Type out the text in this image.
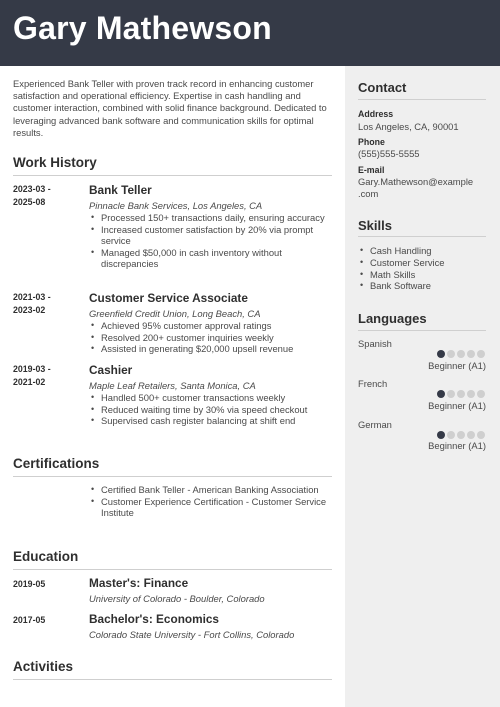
Gary Mathewson
Experienced Bank Teller with proven track record in enhancing customer satisfaction and operational efficiency. Expertise in cash handling and customer interaction, combined with solid finance background. Dedicated to leveraging advanced bank software and communication skills for optimal results.
Work History
2023-03 -
2025-08
Bank Teller
Pinnacle Bank Services, Los Angeles, CA
• Processed 150+ transactions daily, ensuring accuracy
• Increased customer satisfaction by 20% via prompt service
• Managed $50,000 in cash inventory without discrepancies
2021-03 -
2023-02
Customer Service Associate
Greenfield Credit Union, Long Beach, CA
• Achieved 95% customer approval ratings
• Resolved 200+ customer inquiries weekly
• Assisted in generating $20,000 upsell revenue
2019-03 -
2021-02
Cashier
Maple Leaf Retailers, Santa Monica, CA
• Handled 500+ customer transactions weekly
• Reduced waiting time by 30% via speed checkout
• Supervised cash register balancing at shift end
Certifications
• Certified Bank Teller - American Banking Association
• Customer Experience Certification - Customer Service Institute
Education
2019-05	Master's: Finance
University of Colorado - Boulder, Colorado
2017-05	Bachelor's: Economics
Colorado State University - Fort Collins, Colorado
Activities
Contact
Address
Los Angeles, CA, 90001
Phone
(555)555-5555
E-mail
Gary.Mathewson@example
.com
Skills
• Cash Handling
• Customer Service
• Math Skills
• Bank Software
Languages
Spanish
Beginner (A1)
French
Beginner (A1)
German
Beginner (A1)
